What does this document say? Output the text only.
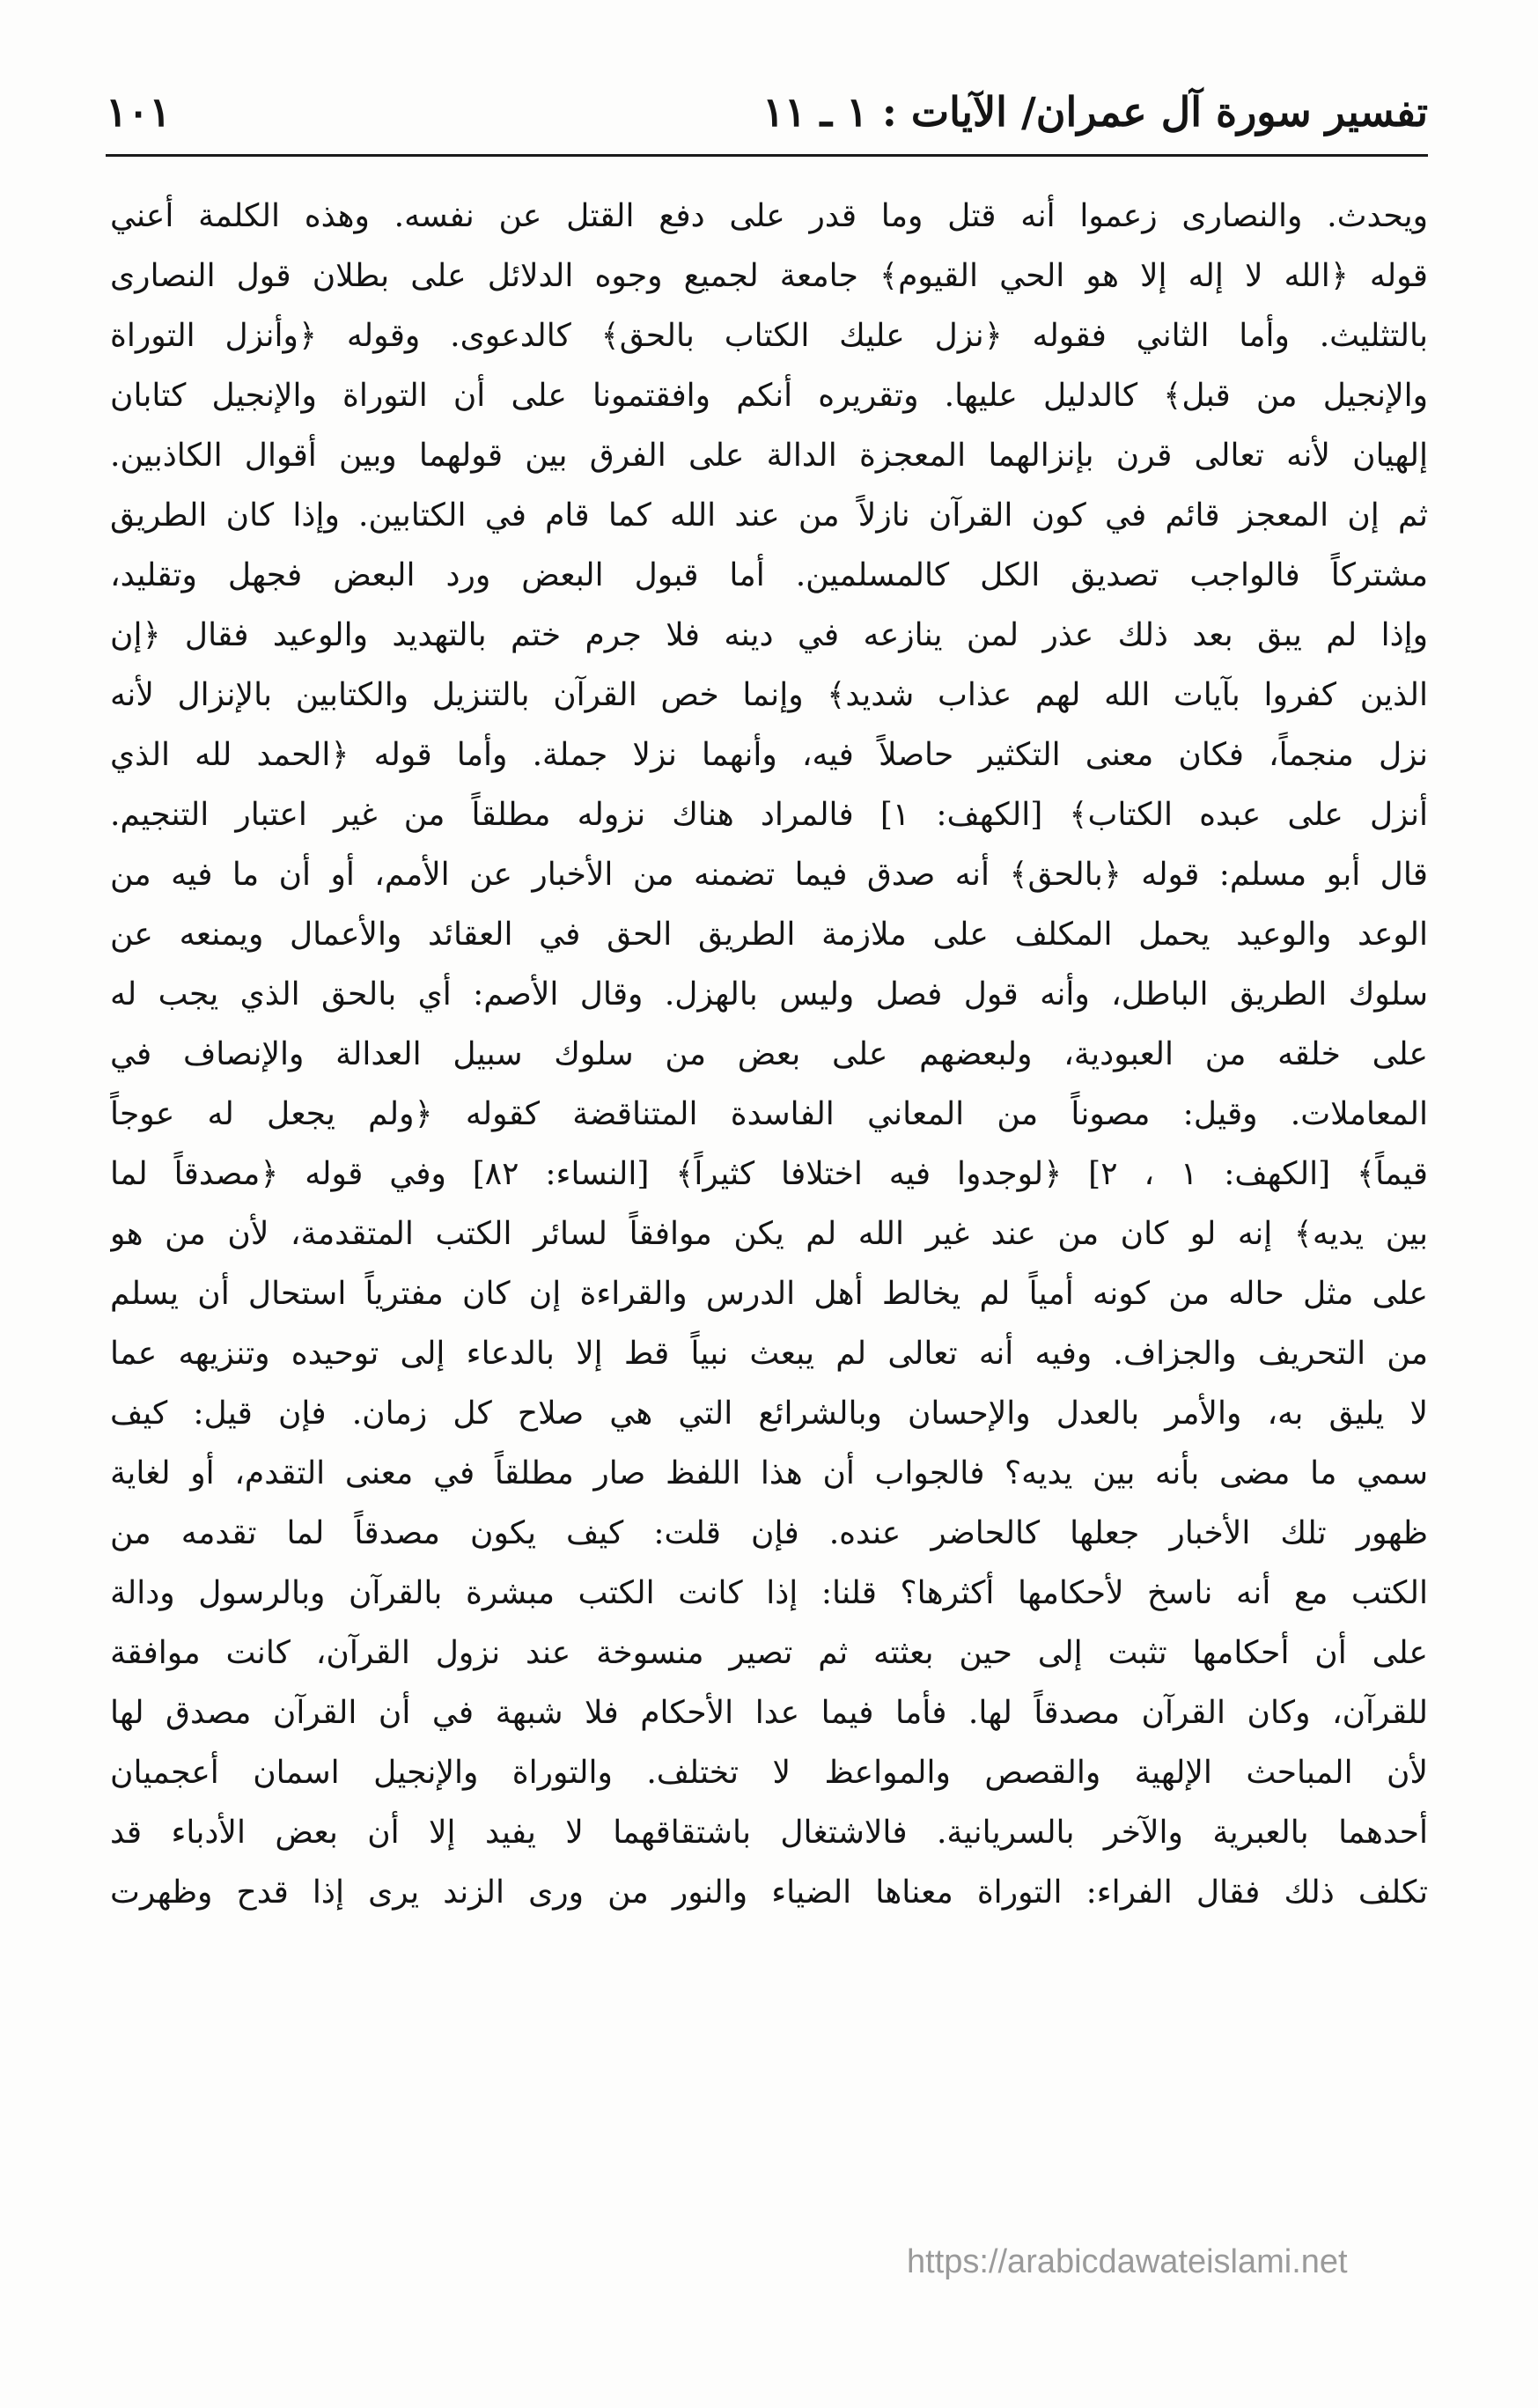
تفسير سورة آل عمران/ الآيات : ١ ـ ١١
١٠١
ويحدث. والنصارى زعموا أنه قتل وما قدر على دفع القتل عن نفسه. وهذه الكلمة أعني
قوله ﴿الله لا إله إلا هو الحي القيوم﴾ جامعة لجميع وجوه الدلائل على بطلان قول النصارى
بالتثليث. وأما الثاني فقوله ﴿نزل عليك الكتاب بالحق﴾ كالدعوى. وقوله ﴿وأنزل التوراة
والإنجيل من قبل﴾ كالدليل عليها. وتقريره أنكم وافقتمونا على أن التوراة والإنجيل كتابان
إلهيان لأنه تعالى قرن بإنزالهما المعجزة الدالة على الفرق بين قولهما وبين أقوال الكاذبين.
ثم إن المعجز قائم في كون القرآن نازلاً من عند الله كما قام في الكتابين. وإذا كان الطريق
مشتركاً فالواجب تصديق الكل كالمسلمين. أما قبول البعض ورد البعض فجهل وتقليد،
وإذا لم يبق بعد ذلك عذر لمن ينازعه في دينه فلا جرم ختم بالتهديد والوعيد فقال ﴿إن
الذين كفروا بآيات الله لهم عذاب شديد﴾ وإنما خص القرآن بالتنزيل والكتابين بالإنزال لأنه
نزل منجماً، فكان معنى التكثير حاصلاً فيه، وأنهما نزلا جملة. وأما قوله ﴿الحمد لله الذي
أنزل على عبده الكتاب﴾ [الكهف: ١] فالمراد هناك نزوله مطلقاً من غير اعتبار التنجيم.
قال أبو مسلم: قوله ﴿بالحق﴾ أنه صدق فيما تضمنه من الأخبار عن الأمم، أو أن ما فيه من
الوعد والوعيد يحمل المكلف على ملازمة الطريق الحق في العقائد والأعمال ويمنعه عن
سلوك الطريق الباطل، وأنه قول فصل وليس بالهزل. وقال الأصم: أي بالحق الذي يجب له
على خلقه من العبودية، ولبعضهم على بعض من سلوك سبيل العدالة والإنصاف في
المعاملات. وقيل: مصوناً من المعاني الفاسدة المتناقضة كقوله ﴿ولم يجعل له عوجاً
قيماً﴾ [الكهف: ١ ، ٢] ﴿لوجدوا فيه اختلافا كثيراً﴾ [النساء: ٨٢] وفي قوله ﴿مصدقاً لما
بين يديه﴾ إنه لو كان من عند غير الله لم يكن موافقاً لسائر الكتب المتقدمة، لأن من هو
على مثل حاله من كونه أمياً لم يخالط أهل الدرس والقراءة إن كان مفترياً استحال أن يسلم
من التحريف والجزاف. وفيه أنه تعالى لم يبعث نبياً قط إلا بالدعاء إلى توحيده وتنزيهه عما
لا يليق به، والأمر بالعدل والإحسان وبالشرائع التي هي صلاح كل زمان. فإن قيل: كيف
سمي ما مضى بأنه بين يديه؟ فالجواب أن هذا اللفظ صار مطلقاً في معنى التقدم، أو لغاية
ظهور تلك الأخبار جعلها كالحاضر عنده. فإن قلت: كيف يكون مصدقاً لما تقدمه من
الكتب مع أنه ناسخ لأحكامها أكثرها؟ قلنا: إذا كانت الكتب مبشرة بالقرآن وبالرسول ودالة
على أن أحكامها تثبت إلى حين بعثته ثم تصير منسوخة عند نزول القرآن، كانت موافقة
للقرآن، وكان القرآن مصدقاً لها. فأما فيما عدا الأحكام فلا شبهة في أن القرآن مصدق لها
لأن المباحث الإلهية والقصص والمواعظ لا تختلف. والتوراة والإنجيل اسمان أعجميان
أحدهما بالعبرية والآخر بالسريانية. فالاشتغال باشتقاقهما لا يفيد إلا أن بعض الأدباء قد
تكلف ذلك فقال الفراء: التوراة معناها الضياء والنور من ورى الزند يرى إذا قدح وظهرت
https://arabicdawateislami.net
